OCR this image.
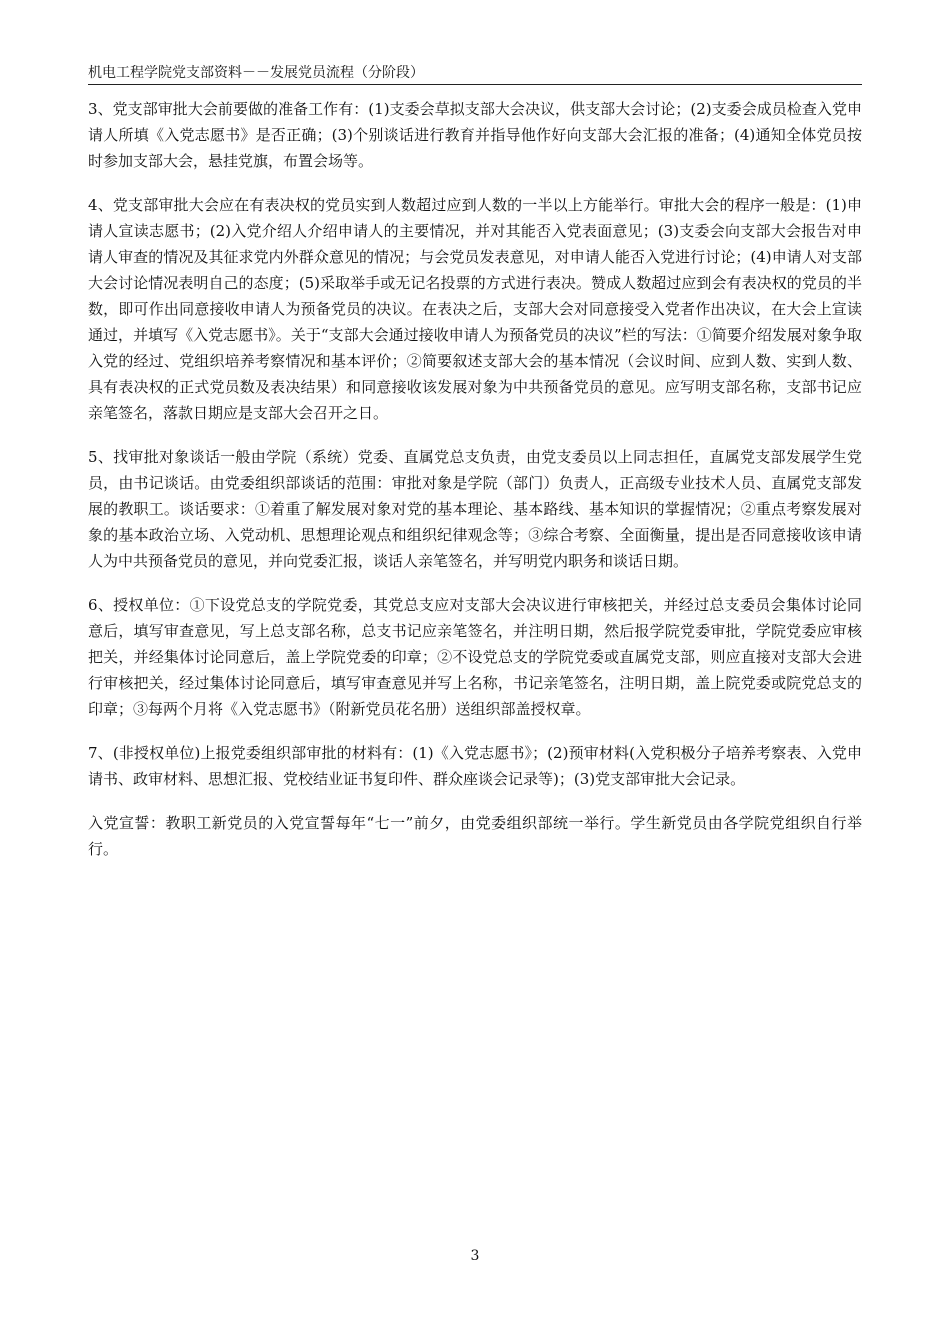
机电工程学院党支部资料－－发展党员流程（分阶段）

3、党支部审批大会前要做的准备工作有：(1)支委会草拟支部大会决议，供支部大会讨论；(2)支委会成员检查入党申请人所填《入党志愿书》是否正确；(3)个别谈话进行教育并指导他作好向支部大会汇报的准备；(4)通知全体党员按时参加支部大会，悬挂党旗，布置会场等。

4、党支部审批大会应在有表决权的党员实到人数超过应到人数的一半以上方能举行。审批大会的程序一般是：(1)申请人宣读志愿书；(2)入党介绍人介绍申请人的主要情况，并对其能否入党表面意见；(3)支委会向支部大会报告对申请人审查的情况及其征求党内外群众意见的情况；与会党员发表意见，对申请人能否入党进行讨论；(4)申请人对支部大会讨论情况表明自己的态度；(5)采取举手或无记名投票的方式进行表决。赞成人数超过应到会有表决权的党员的半数，即可作出同意接收申请人为预备党员的决议。在表决之后，支部大会对同意接受入党者作出决议，在大会上宣读通过，并填写《入党志愿书》。关于“支部大会通过接收申请人为预备党员的决议”栏的写法：①简要介绍发展对象争取入党的经过、党组织培养考察情况和基本评价；②简要叙述支部大会的基本情况（会议时间、应到人数、实到人数、具有表决权的正式党员数及表决结果）和同意接收该发展对象为中共预备党员的意见。应写明支部名称，支部书记应亲笔签名，落款日期应是支部大会召开之日。

5、找审批对象谈话一般由学院（系统）党委、直属党总支负责，由党支委员以上同志担任，直属党支部发展学生党员，由书记谈话。由党委组织部谈话的范围：审批对象是学院（部门）负责人，正高级专业技术人员、直属党支部发展的教职工。谈话要求：①着重了解发展对象对党的基本理论、基本路线、基本知识的掌握情况；②重点考察发展对象的基本政治立场、入党动机、思想理论观点和组织纪律观念等；③综合考察、全面衡量，提出是否同意接收该申请人为中共预备党员的意见，并向党委汇报，谈话人亲笔签名，并写明党内职务和谈话日期。

6、授权单位：①下设党总支的学院党委，其党总支应对支部大会决议进行审核把关，并经过总支委员会集体讨论同意后，填写审查意见，写上总支部名称，总支书记应亲笔签名，并注明日期，然后报学院党委审批，学院党委应审核把关，并经集体讨论同意后，盖上学院党委的印章；②不设党总支的学院党委或直属党支部，则应直接对支部大会进行审核把关，经过集体讨论同意后，填写审查意见并写上名称，书记亲笔签名，注明日期，盖上院党委或院党总支的印章；③每两个月将《入党志愿书》（附新党员花名册）送组织部盖授权章。

7、(非授权单位)上报党委组织部审批的材料有：(1)《入党志愿书》；(2)预审材料(入党积极分子培养考察表、入党申请书、政审材料、思想汇报、党校结业证书复印件、群众座谈会记录等)；(3)党支部审批大会记录。

入党宣誓：教职工新党员的入党宣誓每年“七一”前夕，由党委组织部统一举行。学生新党员由各学院党组织自行举行。

3
